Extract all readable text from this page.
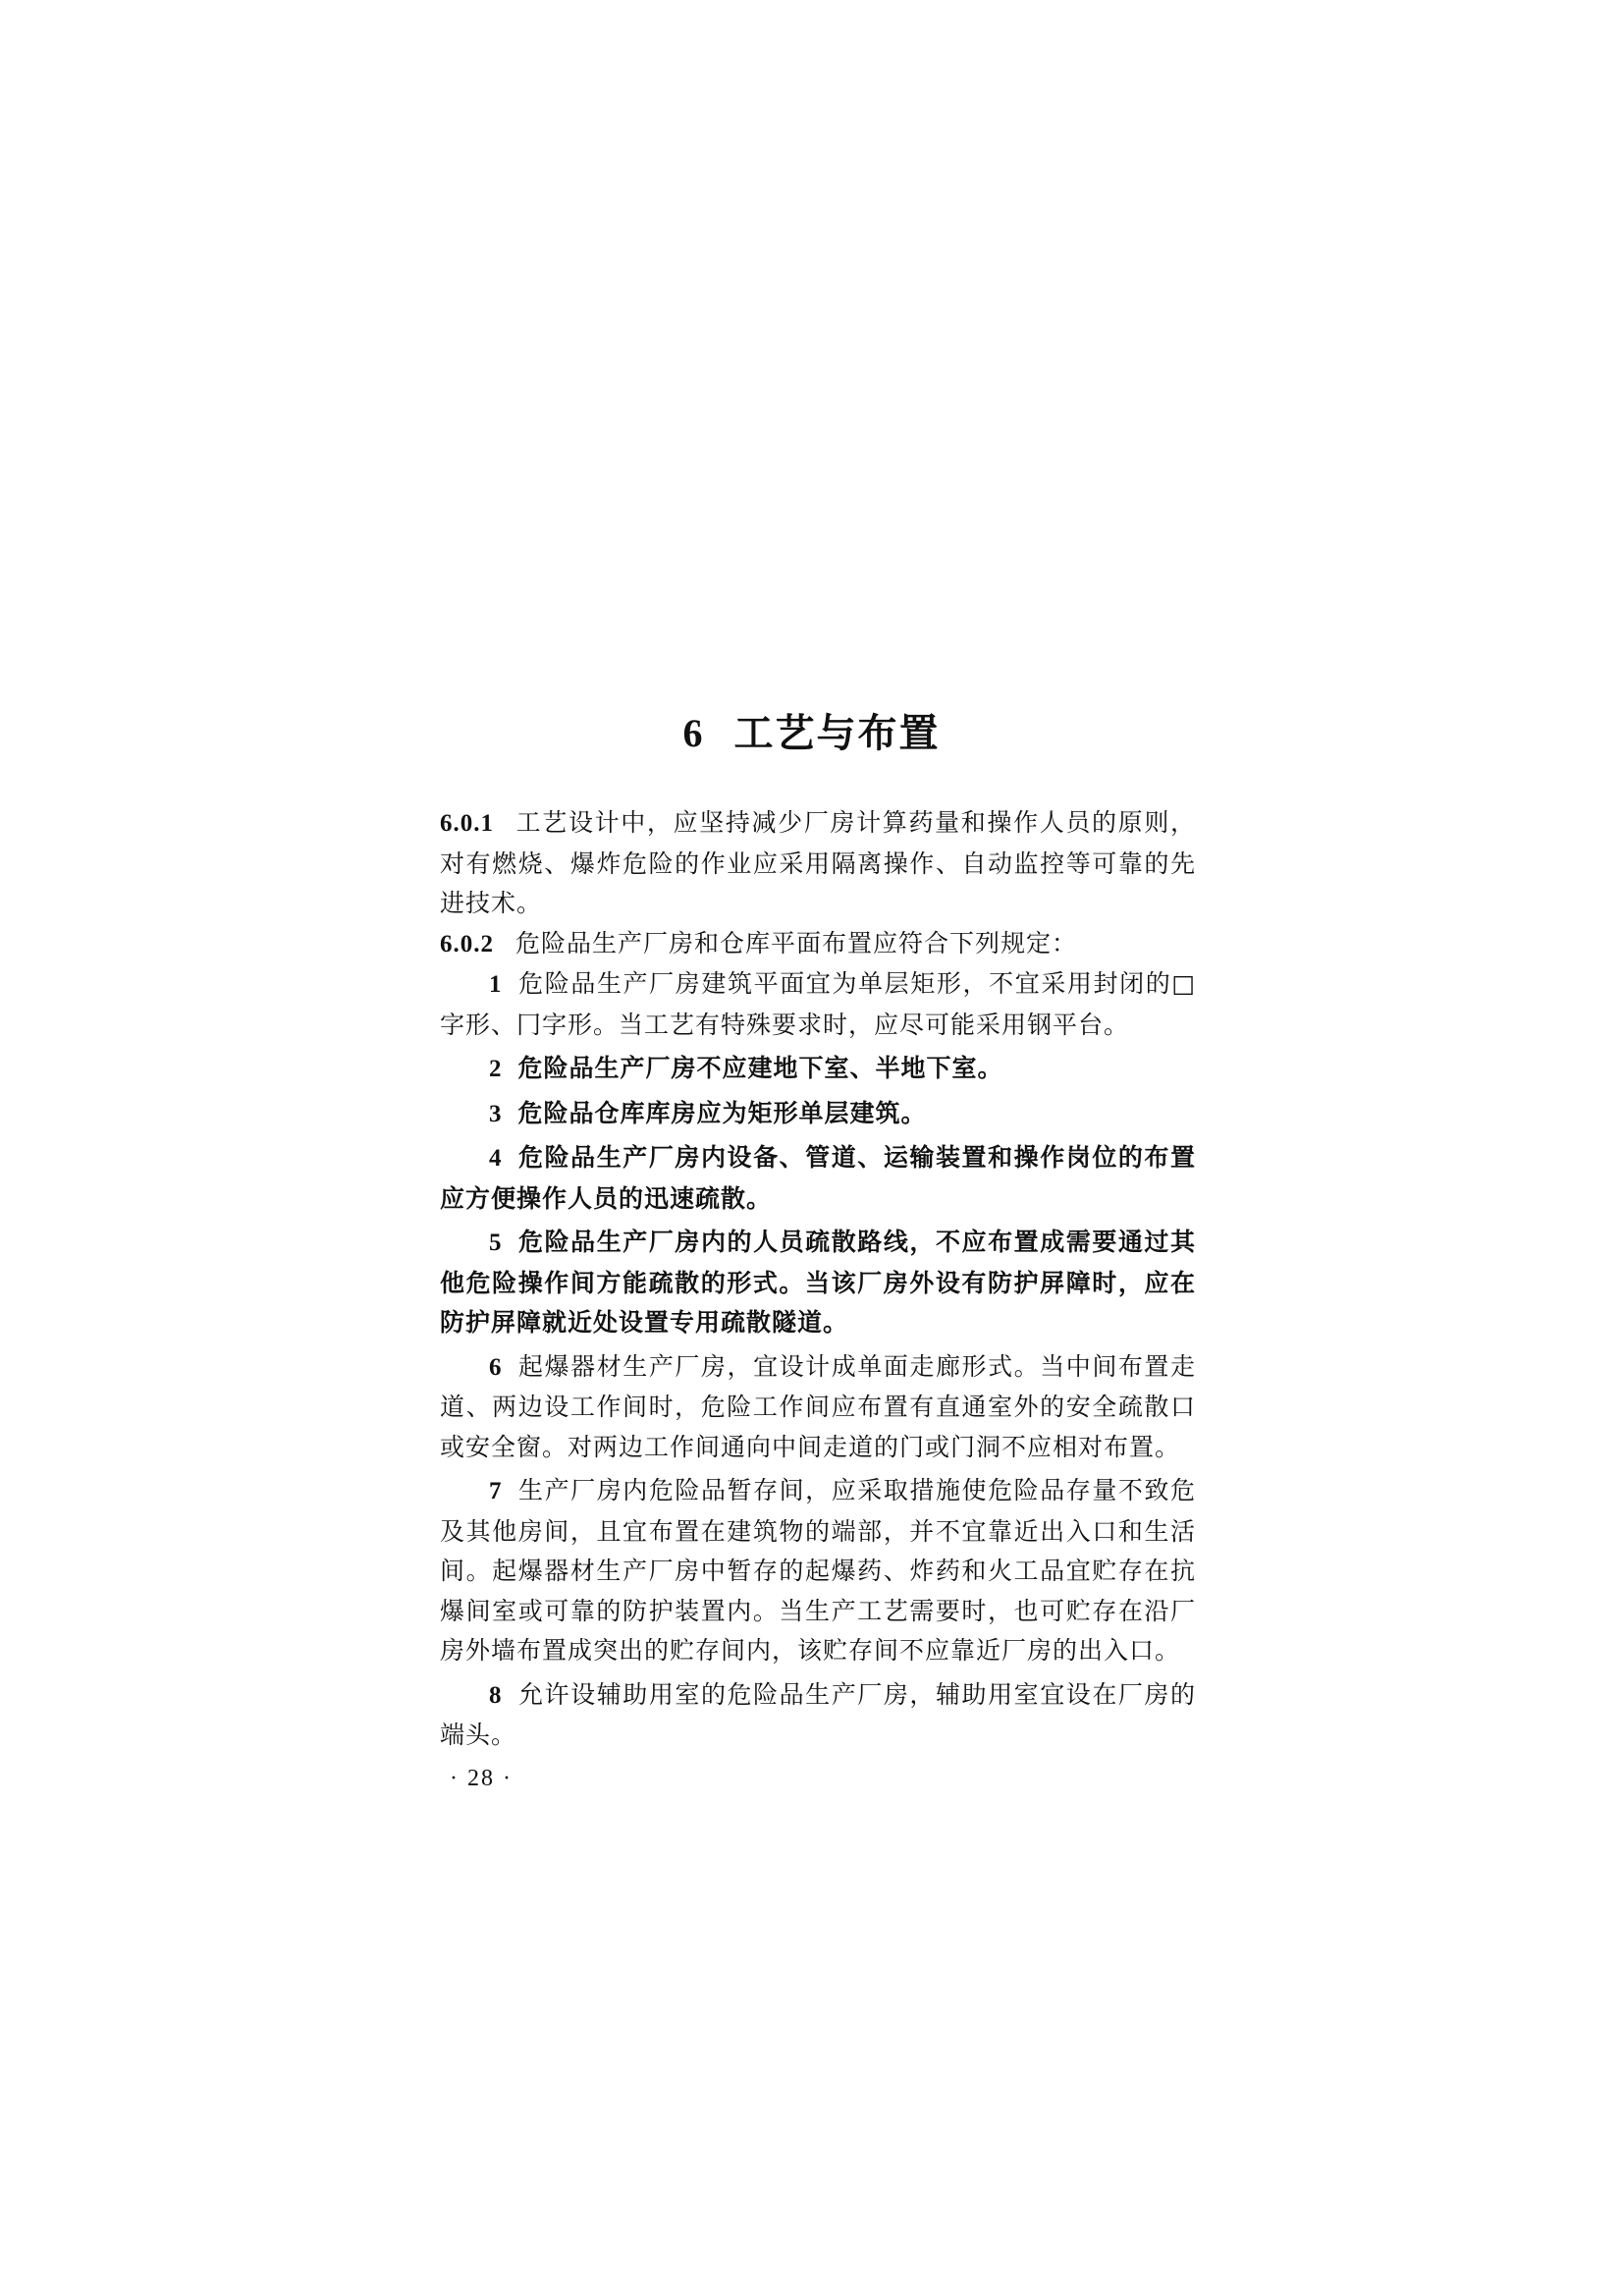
6 工艺与布置

6.0.1 工艺设计中，应坚持减少厂房计算药量和操作人员的原则，对有燃烧、爆炸危险的作业应采用隔离操作、自动监控等可靠的先进技术。

6.0.2 危险品生产厂房和仓库平面布置应符合下列规定：

1 危险品生产厂房建筑平面宜为单层矩形，不宜采用封闭的□字形、冂字形。当工艺有特殊要求时，应尽可能采用钢平台。

2 危险品生产厂房不应建地下室、半地下室。

3 危险品仓库库房应为矩形单层建筑。

4 危险品生产厂房内设备、管道、运输装置和操作岗位的布置应方便操作人员的迅速疏散。

5 危险品生产厂房内的人员疏散路线，不应布置成需要通过其他危险操作间方能疏散的形式。当该厂房外设有防护屏障时，应在防护屏障就近处设置专用疏散隧道。

6 起爆器材生产厂房，宜设计成单面走廊形式。当中间布置走道、两边设工作间时，危险工作间应布置有直通室外的安全疏散口或安全窗。对两边工作间通向中间走道的门或门洞不应相对布置。

7 生产厂房内危险品暂存间，应采取措施使危险品存量不致危及其他房间，且宜布置在建筑物的端部，并不宜靠近出入口和生活间。起爆器材生产厂房中暂存的起爆药、炸药和火工品宜贮存在抗爆间室或可靠的防护装置内。当生产工艺需要时，也可贮存在沿厂房外墙布置成突出的贮存间内，该贮存间不应靠近厂房的出入口。

8 允许设辅助用室的危险品生产厂房，辅助用室宜设在厂房的端头。

· 28 ·
